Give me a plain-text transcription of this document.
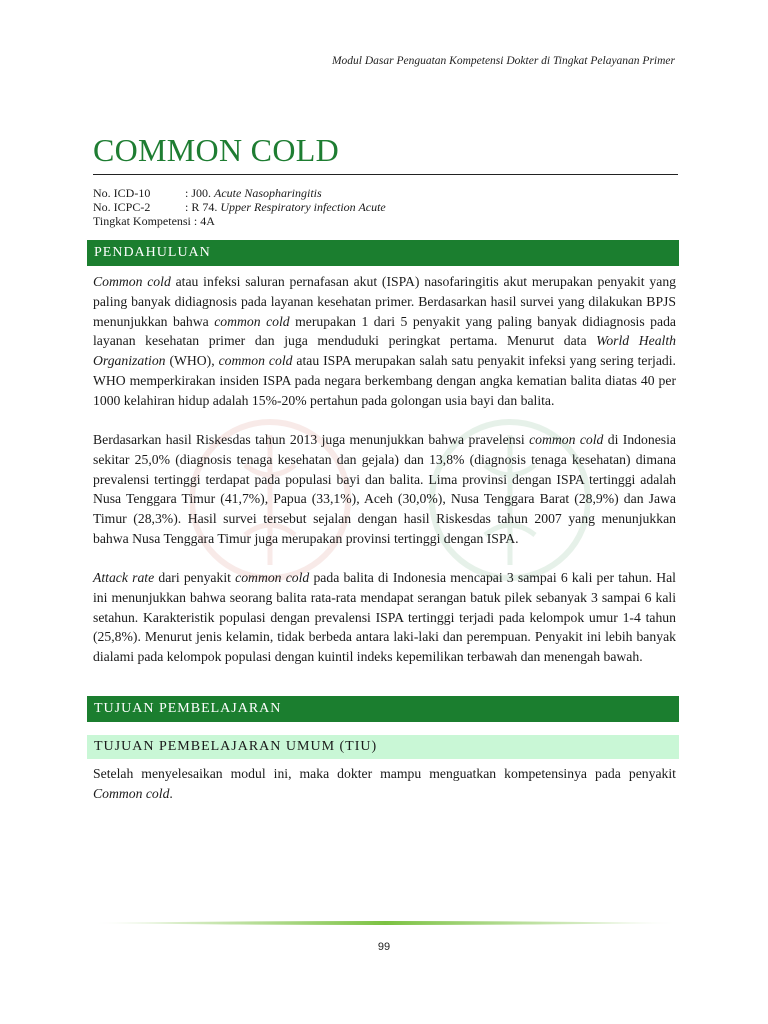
Modul Dasar Penguatan Kompetensi Dokter di Tingkat Pelayanan Primer
COMMON COLD
No. ICD-10	: J00. Acute Nasopharingitis
No. ICPC-2	: R 74. Upper Respiratory infection Acute
Tingkat Kompetensi : 4A
PENDAHULUAN

Common cold atau infeksi saluran pernafasan akut (ISPA) nasofaringitis akut merupakan penyakit yang paling banyak didiagnosis pada layanan kesehatan primer. Berdasarkan hasil survei yang dilakukan BPJS menunjukkan bahwa common cold merupakan 1 dari 5 penyakit yang paling banyak didiagnosis pada layanan kesehatan primer dan juga menduduki peringkat pertama. Menurut data World Health Organization (WHO), common cold atau ISPA merupakan salah satu penyakit infeksi yang sering terjadi. WHO memperkirakan insiden ISPA pada negara berkembang dengan angka kematian balita diatas 40 per 1000 kelahiran hidup adalah 15%-20% pertahun pada golongan usia bayi dan balita.

Berdasarkan hasil Riskesdas tahun 2013 juga menunjukkan bahwa pravelensi common cold di Indonesia sekitar 25,0% (diagnosis tenaga kesehatan dan gejala) dan 13,8% (diagnosis tenaga kesehatan) dimana prevalensi tertinggi terdapat pada populasi bayi dan balita. Lima provinsi dengan ISPA tertinggi adalah Nusa Tenggara Timur (41,7%), Papua (33,1%), Aceh (30,0%), Nusa Tenggara Barat (28,9%) dan Jawa Timur (28,3%). Hasil survei tersebut sejalan dengan hasil Riskesdas tahun 2007 yang menunjukkan bahwa Nusa Tenggara Timur juga merupakan provinsi tertinggi dengan ISPA.

Attack rate dari penyakit common cold pada balita di Indonesia mencapai 3 sampai 6 kali per tahun. Hal ini menunjukkan bahwa seorang balita rata-rata mendapat serangan batuk pilek sebanyak 3 sampai 6 kali setahun. Karakteristik populasi dengan prevalensi ISPA tertinggi terjadi pada kelompok umur 1-4 tahun (25,8%). Menurut jenis kelamin, tidak berbeda antara laki-laki dan perempuan. Penyakit ini lebih banyak dialami pada kelompok populasi dengan kuintil indeks kepemilikan terbawah dan menengah bawah.

TUJUAN PEMBELAJARAN
TUJUAN PEMBELAJARAN UMUM (TIU)

Setelah menyelesaikan modul ini, maka dokter mampu menguatkan kompetensinya pada penyakit Common cold.

99
